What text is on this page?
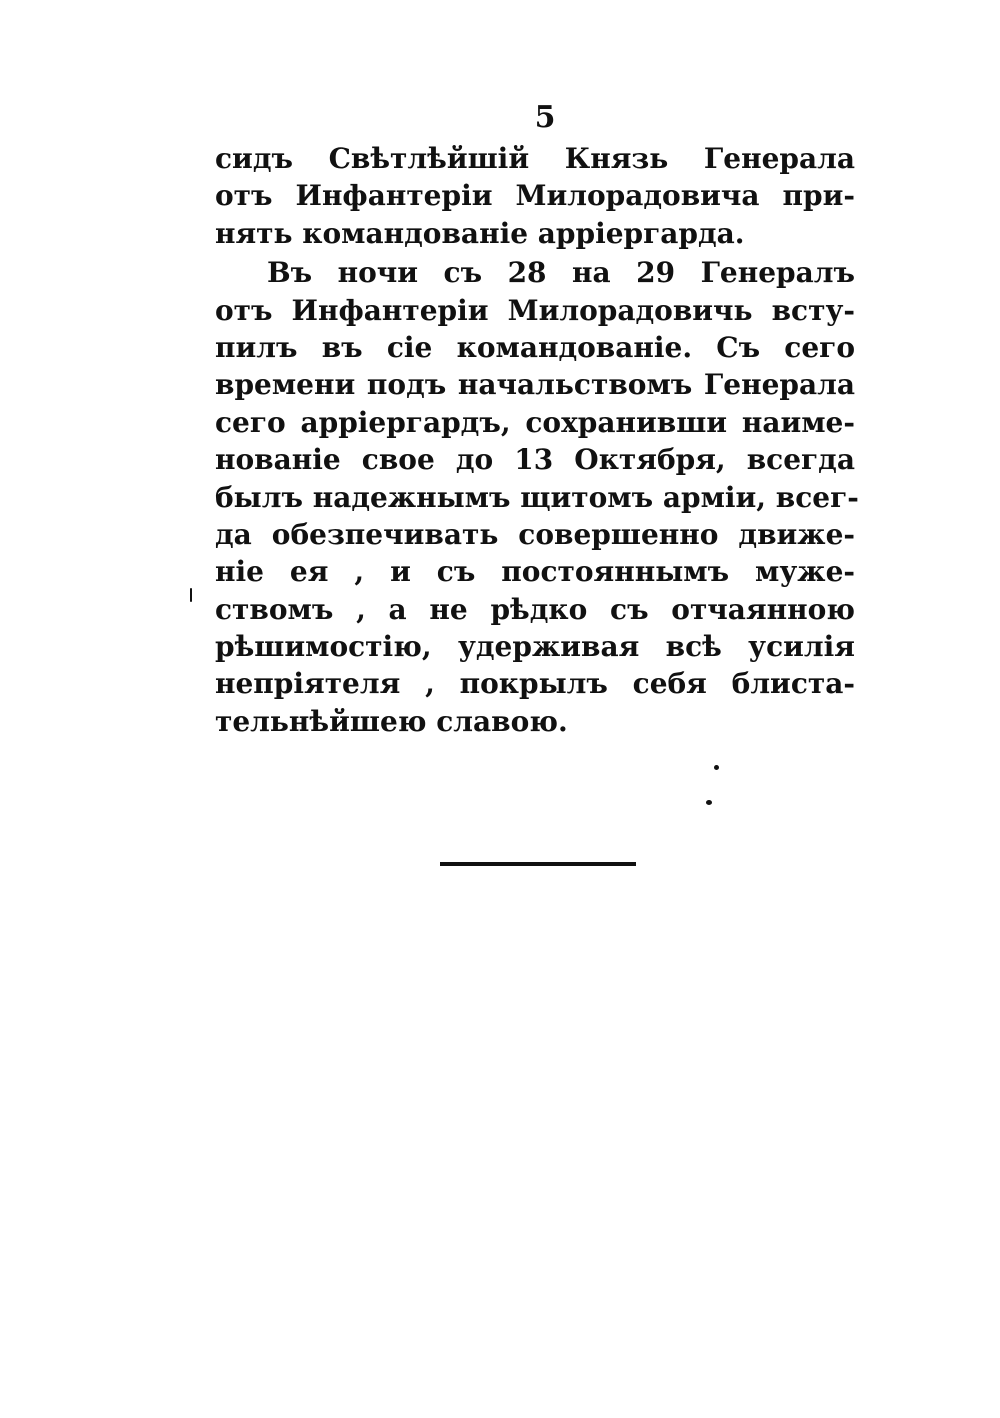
5
сидъ Свѣтлѣйшій Князь Генерала
отъ Инфантеріи Милорадовича при-
нять командованіе арріергарда.
Въ ночи съ 28 на 29 Генералъ
отъ Инфантеріи Милорадовичь всту-
пилъ въ сіе командованіе. Съ сего
времени подъ начальствомъ Генерала
сего арріергардъ, сохранивши наиме-
нованіе свое до 13 Октября, всегда
былъ надежнымъ щитомъ арміи, всег-
да обезпечивать совершенно движе-
ніе ея , и съ постояннымъ муже-
ствомъ , а не рѣдко съ отчаянною
рѣшимостію, удерживая всѣ усилія
непріятеля , покрылъ себя блиста-
тельнѣйшею славою.
